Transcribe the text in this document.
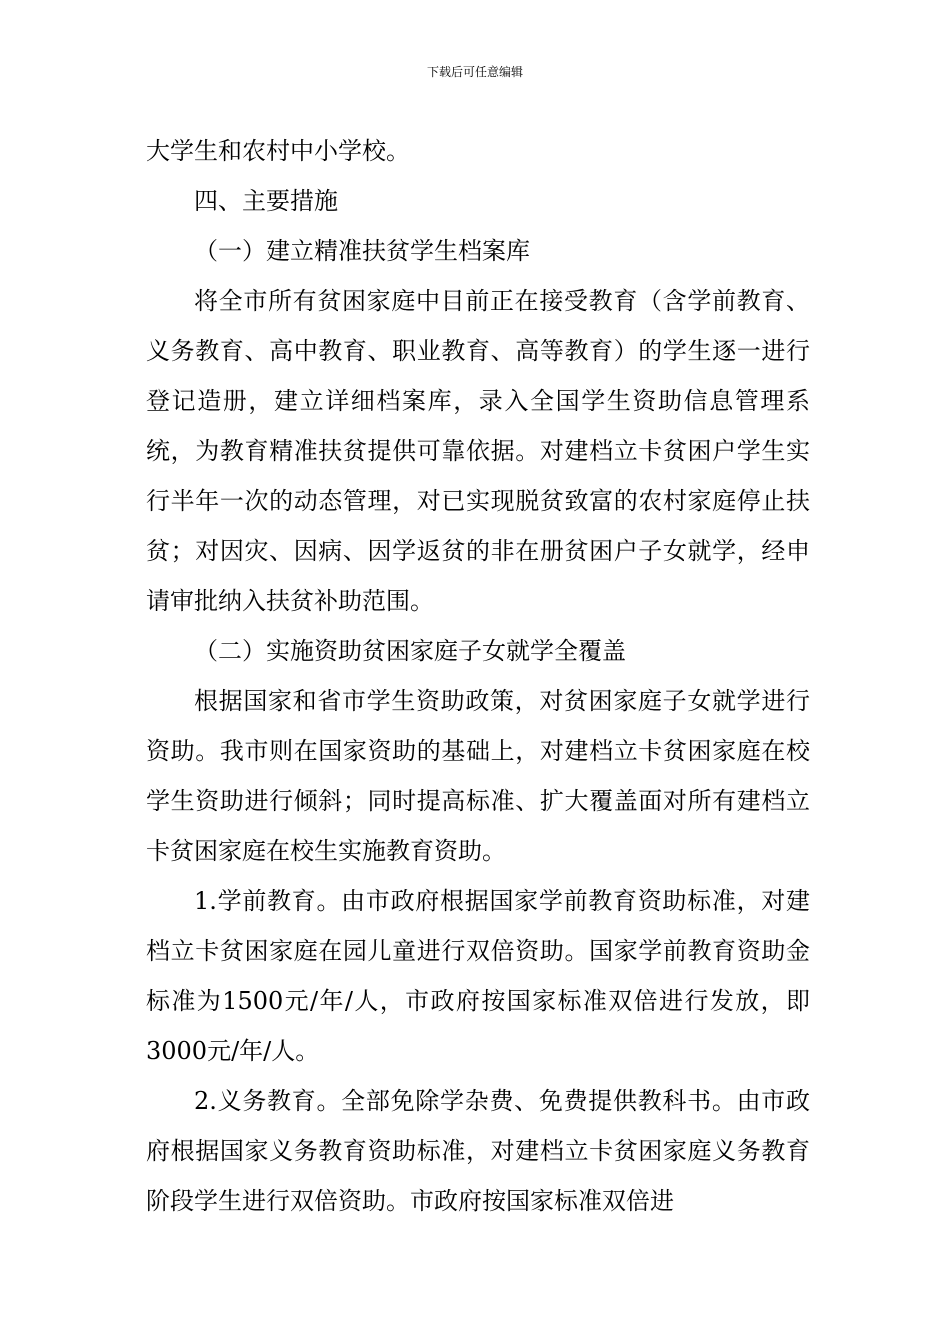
下载后可任意编辑

大学生和农村中小学校。

四、主要措施

（一）建立精准扶贫学生档案库

将全市所有贫困家庭中目前正在接受教育（含学前教育、义务教育、高中教育、职业教育、高等教育）的学生逐一进行登记造册，建立详细档案库，录入全国学生资助信息管理系统，为教育精准扶贫提供可靠依据。对建档立卡贫困户学生实行半年一次的动态管理，对已实现脱贫致富的农村家庭停止扶贫；对因灾、因病、因学返贫的非在册贫困户子女就学，经申请审批纳入扶贫补助范围。

（二）实施资助贫困家庭子女就学全覆盖

根据国家和省市学生资助政策，对贫困家庭子女就学进行资助。我市则在国家资助的基础上，对建档立卡贫困家庭在校学生资助进行倾斜；同时提高标准、扩大覆盖面对所有建档立卡贫困家庭在校生实施教育资助。

1.学前教育。由市政府根据国家学前教育资助标准，对建档立卡贫困家庭在园儿童进行双倍资助。国家学前教育资助金标准为1500元/年/人，市政府按国家标准双倍进行发放，即3000元/年/人。

2.义务教育。全部免除学杂费、免费提供教科书。由市政府根据国家义务教育资助标准，对建档立卡贫困家庭义务教育阶段学生进行双倍资助。市政府按国家标准双倍进
